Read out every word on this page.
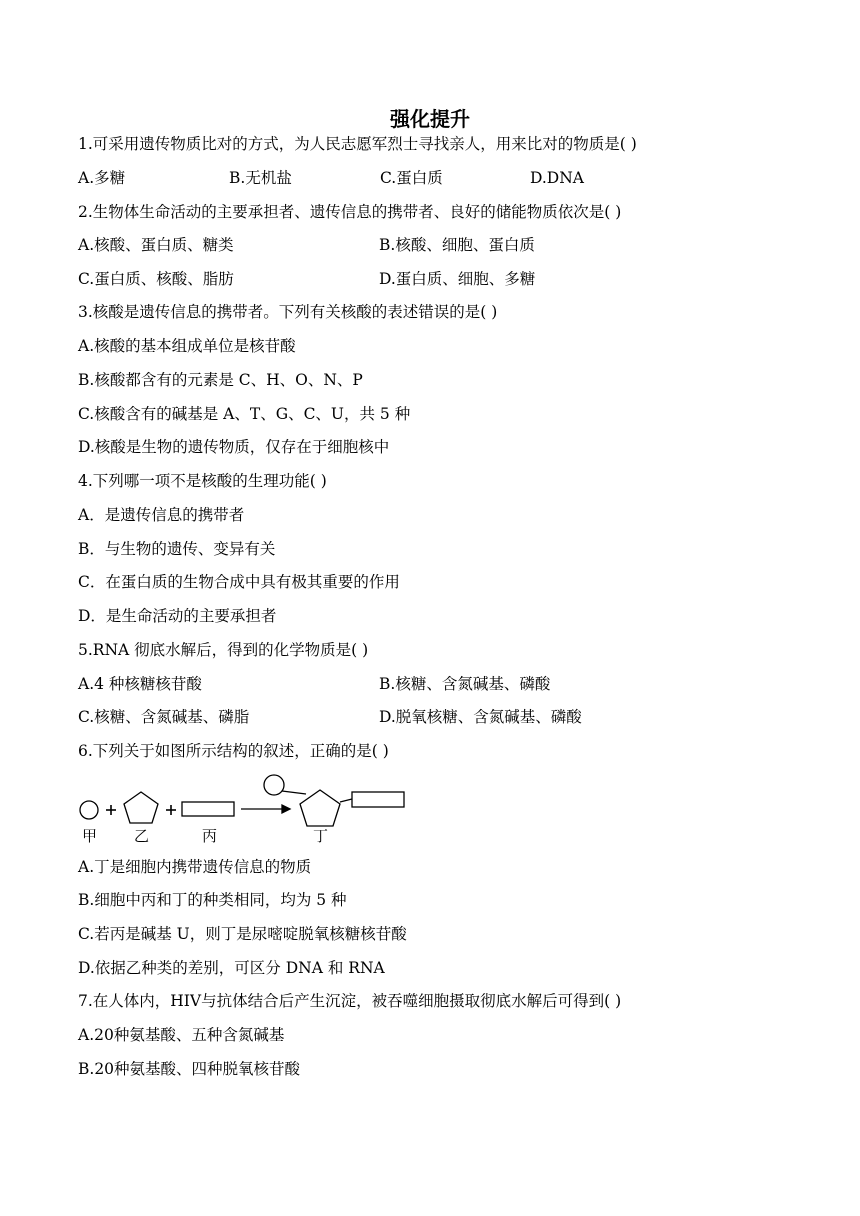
强化提升
1.可采用遗传物质比对的方式，为人民志愿军烈士寻找亲人，用来比对的物质是( )
A.多糖	B.无机盐	C.蛋白质	D.DNA
2.生物体生命活动的主要承担者、遗传信息的携带者、良好的储能物质依次是( )
A.核酸、蛋白质、糖类	B.核酸、细胞、蛋白质
C.蛋白质、核酸、脂肪	D.蛋白质、细胞、多糖
3.核酸是遗传信息的携带者。下列有关核酸的表述错误的是( )
A.核酸的基本组成单位是核苷酸
B.核酸都含有的元素是 C、H、O、N、P
C.核酸含有的碱基是 A、T、G、C、U，共 5 种
D.核酸是生物的遗传物质，仅存在于细胞核中
4.下列哪一项不是核酸的生理功能( )
A．是遗传信息的携带者
B．与生物的遗传、变异有关
C．在蛋白质的生物合成中具有极其重要的作用
D．是生命活动的主要承担者
5.RNA 彻底水解后，得到的化学物质是( )
A.4 种核糖核苷酸	B.核糖、含氮碱基、磷酸
C.核糖、含氮碱基、磷脂	D.脱氧核糖、含氮碱基、磷酸
6.下列关于如图所示结构的叙述，正确的是( )
甲 乙	丙	丁
A.丁是细胞内携带遗传信息的物质
B.细胞中丙和丁的种类相同，均为 5 种
C.若丙是碱基 U，则丁是尿嘧啶脱氧核糖核苷酸
D.依据乙种类的差别，可区分 DNA 和 RNA
7.在人体内，HIV与抗体结合后产生沉淀，被吞噬细胞摄取彻底水解后可得到( )
A.20种氨基酸、五种含氮碱基
B.20种氨基酸、四种脱氧核苷酸
